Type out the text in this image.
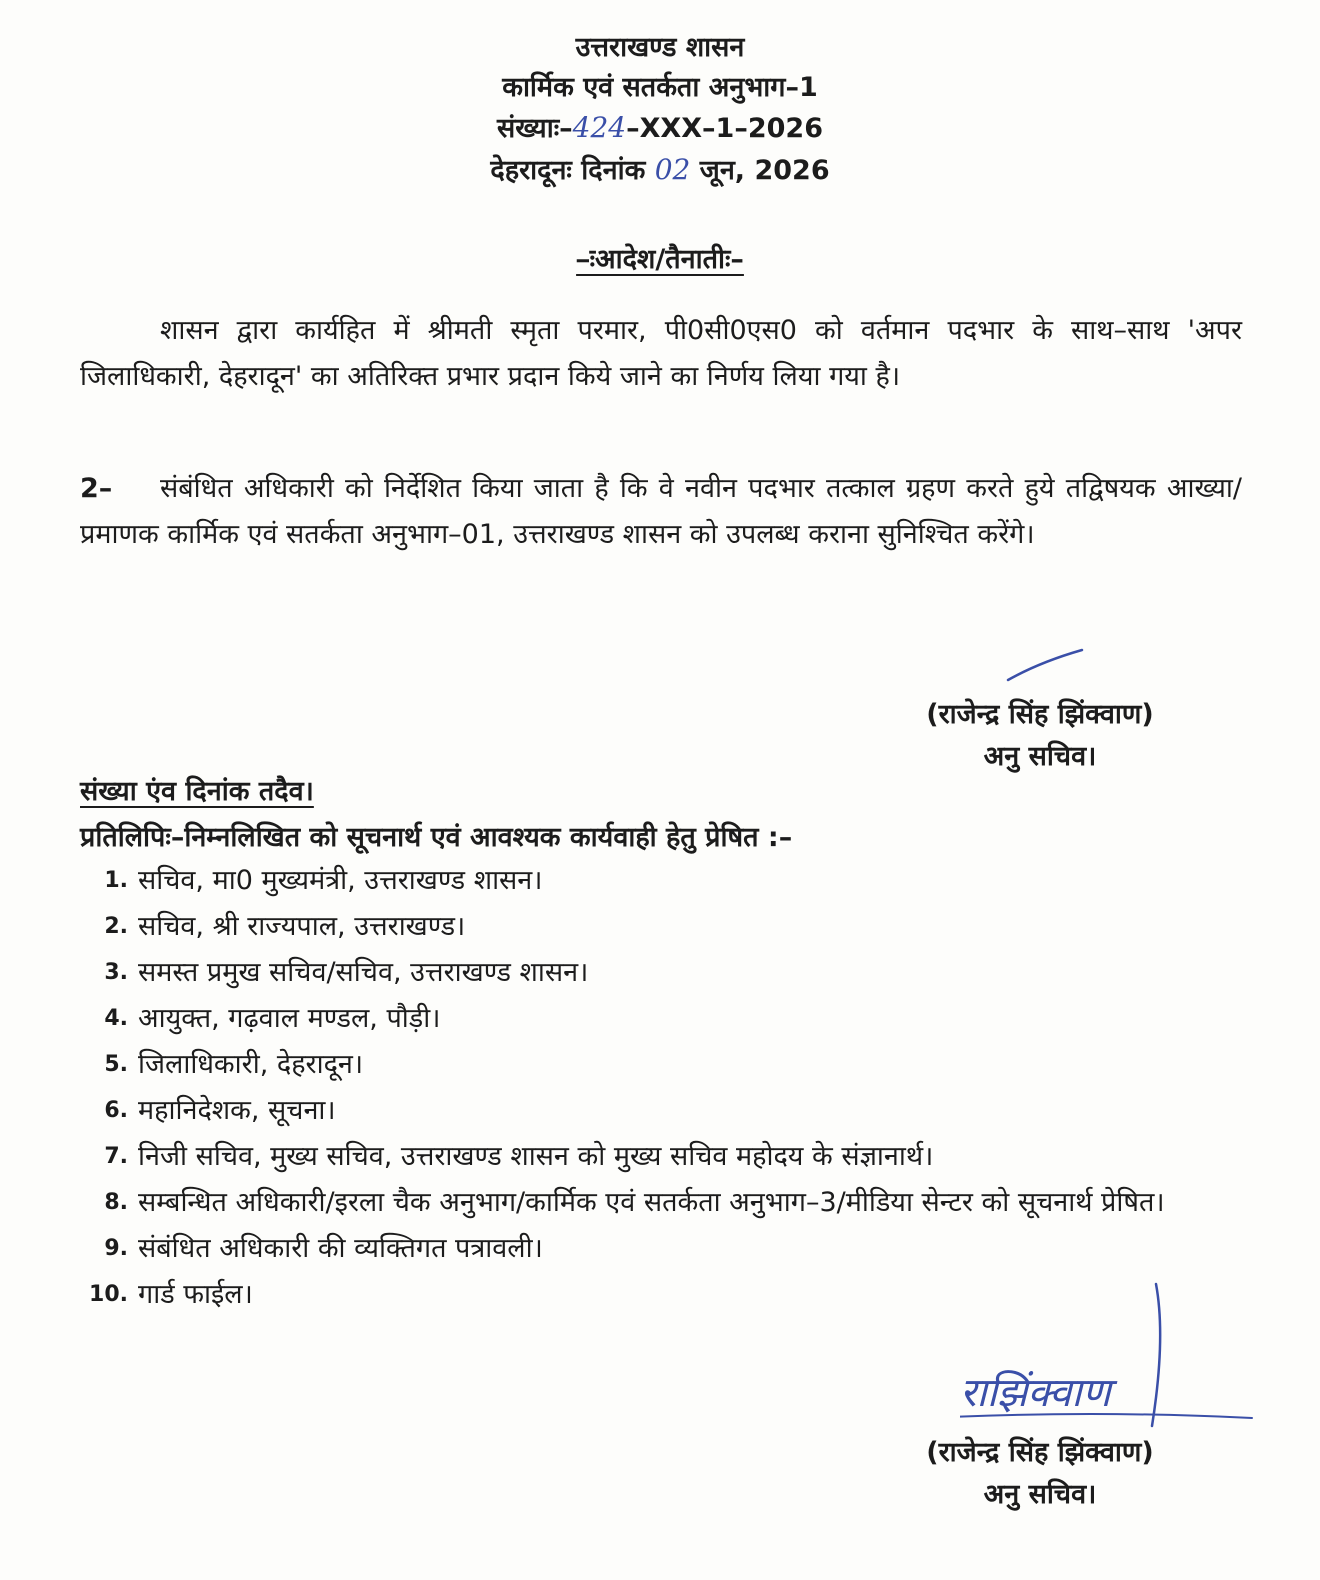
उत्तराखण्ड शासन
कार्मिक एवं सतर्कता अनुभाग–1
संख्याः–424–XXX–1–2026
देहरादूनः दिनांक 02 जून, 2026
–ःआदेश/तैनातीः–
शासन द्वारा कार्यहित में श्रीमती स्मृता परमार, पी0सी0एस0 को वर्तमान पदभार के साथ–साथ 'अपर जिलाधिकारी, देहरादून' का अतिरिक्त प्रभार प्रदान किये जाने का निर्णय लिया गया है।
2– संबंधित अधिकारी को निर्देशित किया जाता है कि वे नवीन पदभार तत्काल ग्रहण करते हुये तद्विषयक आख्या/प्रमाणक कार्मिक एवं सतर्कता अनुभाग–01, उत्तराखण्ड शासन को उपलब्ध कराना सुनिश्चित करेंगे।
(राजेन्द्र सिंह झिंक्वाण)
अनु सचिव।
संख्या एंव दिनांक तदैव।
प्रतिलिपिः–निम्नलिखित को सूचनार्थ एवं आवश्यक कार्यवाही हेतु प्रेषित :–
1. सचिव, मा0 मुख्यमंत्री, उत्तराखण्ड शासन।
2. सचिव, श्री राज्यपाल, उत्तराखण्ड।
3. समस्त प्रमुख सचिव/सचिव, उत्तराखण्ड शासन।
4. आयुक्त, गढ़वाल मण्डल, पौड़ी।
5. जिलाधिकारी, देहरादून।
6. महानिदेशक, सूचना।
7. निजी सचिव, मुख्य सचिव, उत्तराखण्ड शासन को मुख्य सचिव महोदय के संज्ञानार्थ।
8. सम्बन्धित अधिकारी/इरला चैक अनुभाग/कार्मिक एवं सतर्कता अनुभाग–3/मीडिया सेन्टर को सूचनार्थ प्रेषित।
9. संबंधित अधिकारी की व्यक्तिगत पत्रावली।
10. गार्ड फाईल।
राझिंक्वाण
(राजेन्द्र सिंह झिंक्वाण)
अनु सचिव।
